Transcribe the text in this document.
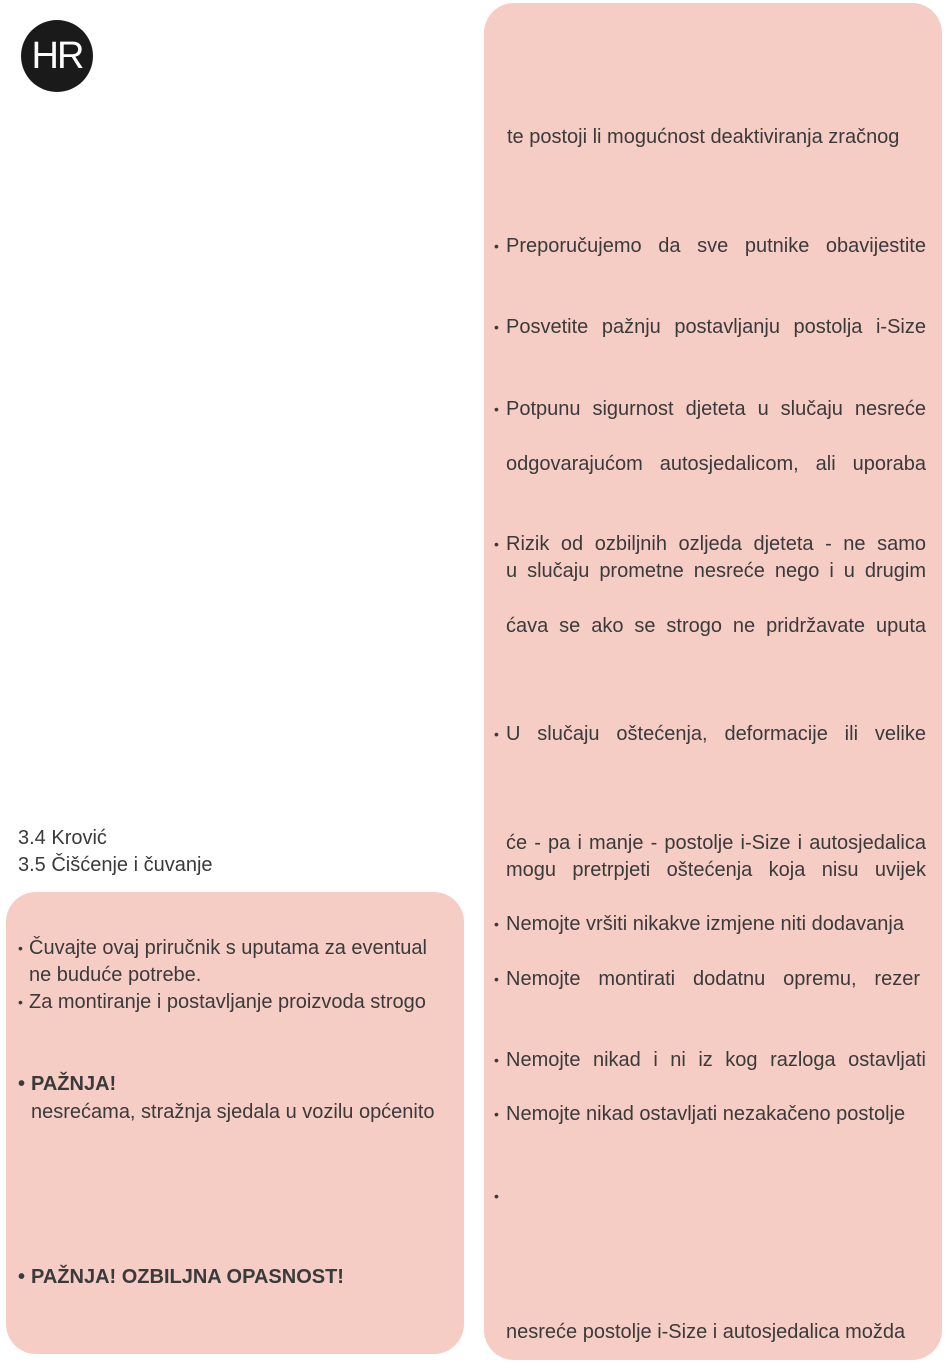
HR
3.4 Krović
3.5 Čišćenje i čuvanje
te postoji li mogućnost deaktiviranja zračnog
• Preporučujemo da sve putnike obavijestite
• Posvetite pažnju postavljanju postolja i-Size
• Potpunu sigurnost djeteta u slučaju nesreće
odgovarajućom autosjedalicom, ali uporaba
• Rizik od ozbiljnih ozljeda djeteta - ne samo
u slučaju prometne nesreće nego i u drugim
ćava se ako se strogo ne pridržavate uputa
• U slučaju oštećenja, deformacije ili velike
će - pa i manje - postolje i-Size i autosjedalica
mogu pretrpjeti oštećenja koja nisu uvijek
• Nemojte vršiti nikakve izmjene niti dodavanja
• Nemojte montirati dodatnu opremu, rezer
• Nemojte nikad i ni iz kog razloga ostavljati
• Nemojte nikad ostavljati nezakačeno postolje
•
nesreće postolje i-Size i autosjedalica možda
• Čuvajte ovaj priručnik s uputama za eventual
ne buduće potrebe.
• Za montiranje i postavljanje proizvoda strogo
• PAŽNJA!
nesrećama, stražnja sjedala u vozilu općenito
• PAŽNJA! OZBILJNA OPASNOST!
